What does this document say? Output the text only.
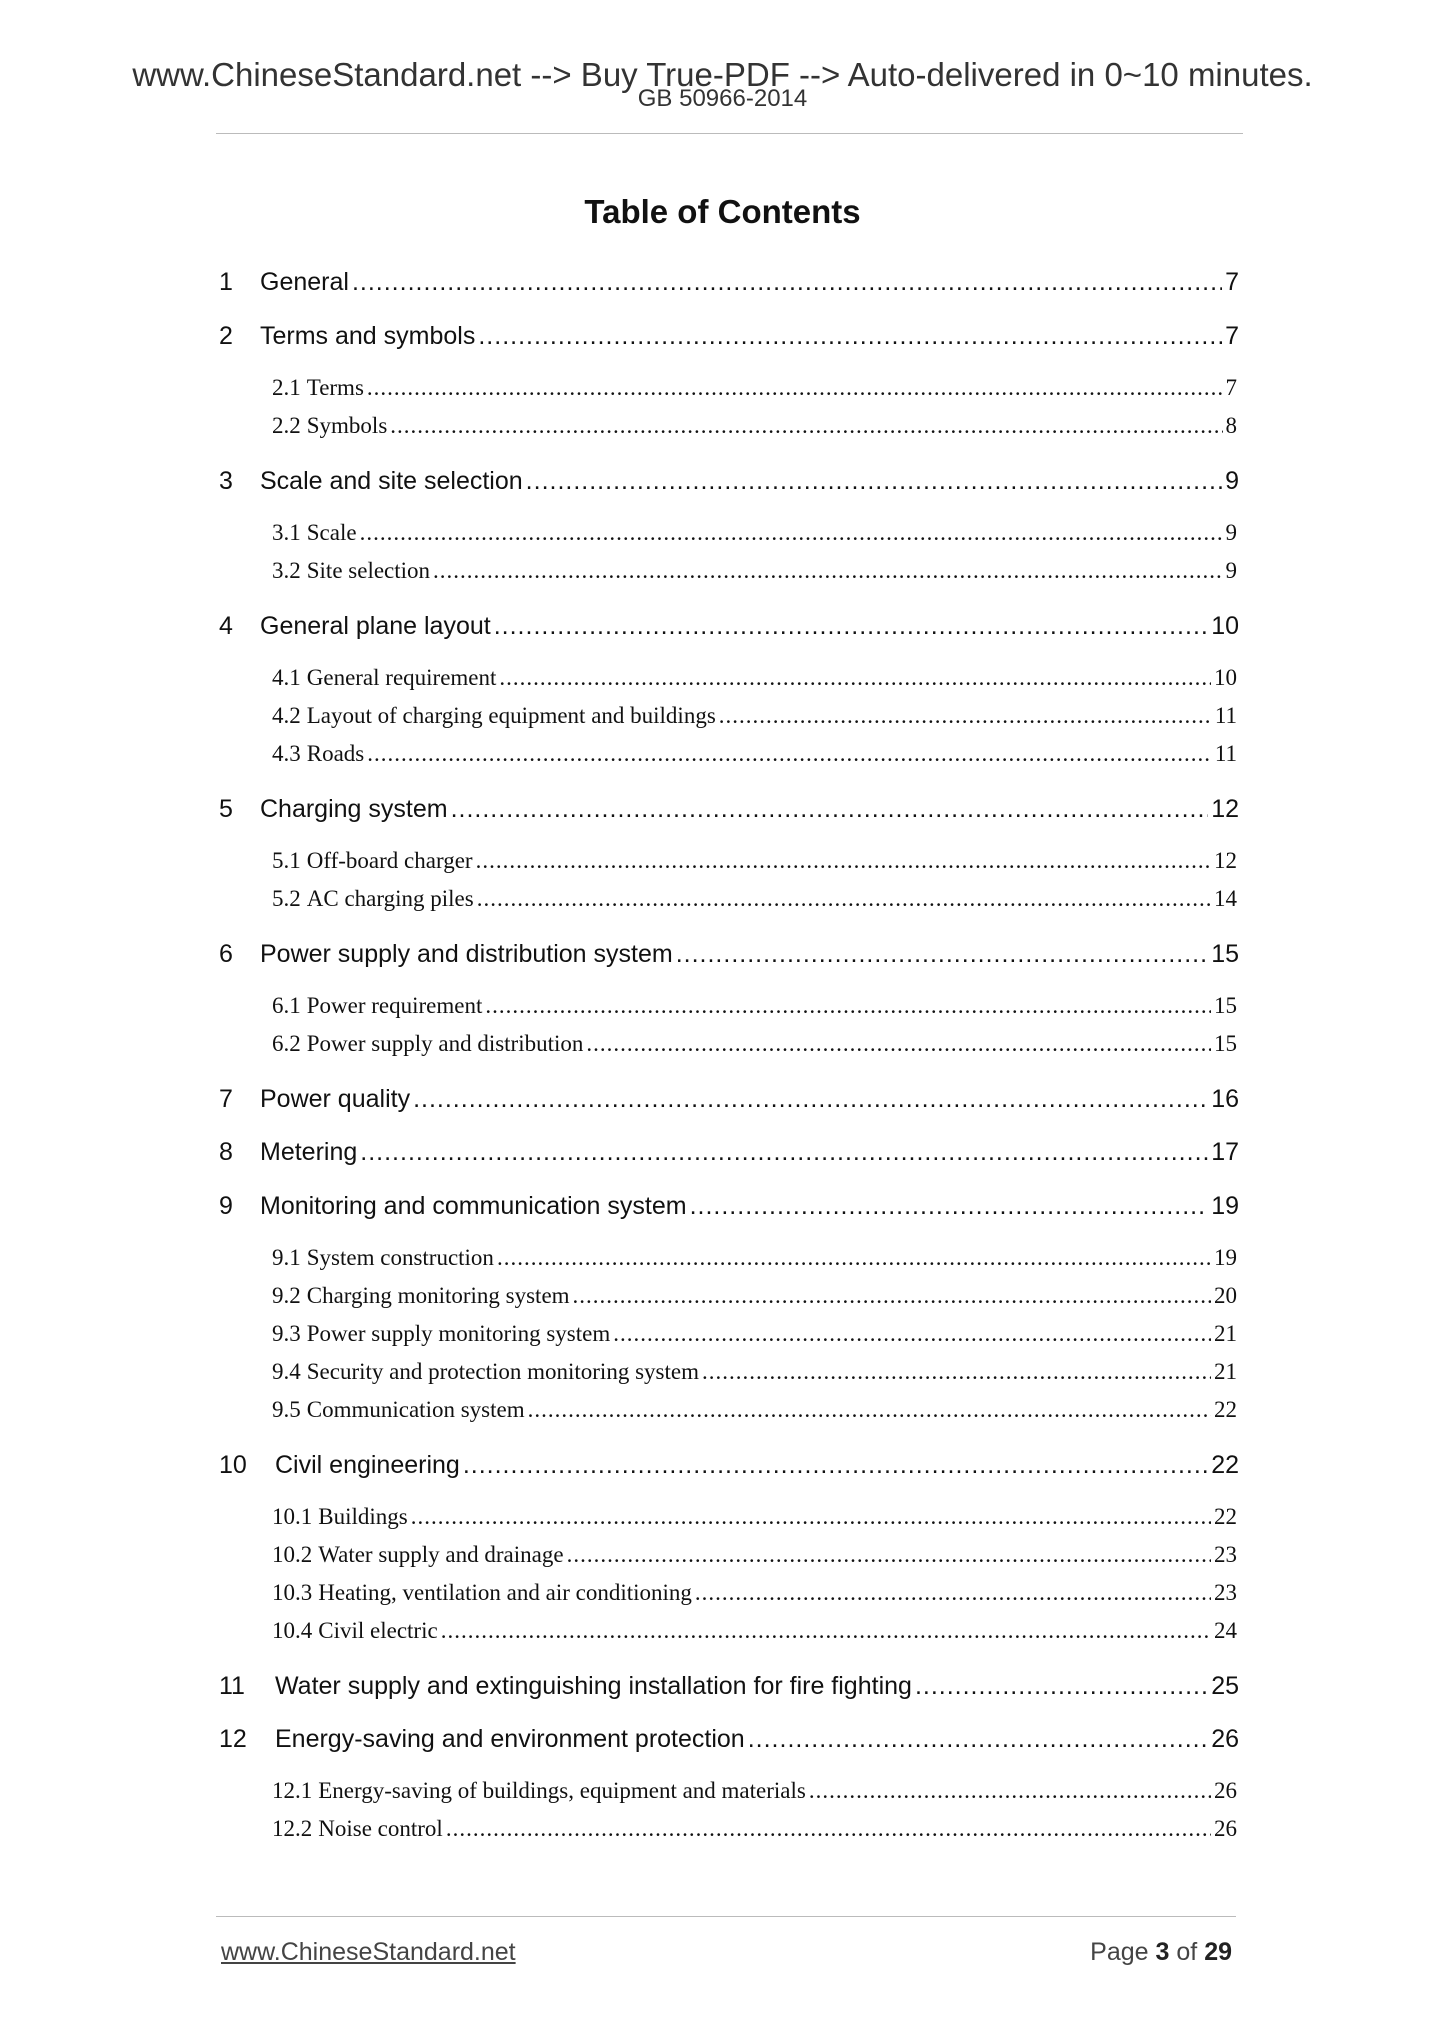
www.ChineseStandard.net --> Buy True-PDF --> Auto-delivered in 0~10 minutes.
GB 50966-2014
Table of Contents
1	General .....	7
2	Terms and symbols .....	7
2.1 Terms .....	7
2.2 Symbols .....	8
3	Scale and site selection .....	9
3.1 Scale .....	9
3.2 Site selection .....	9
4	General plane layout .....	10
4.1 General requirement .....	10
4.2 Layout of charging equipment and buildings .....	11
4.3 Roads .....	11
5	Charging system .....	12
5.1 Off-board charger .....	12
5.2 AC charging piles .....	14
6	Power supply and distribution system .....	15
6.1 Power requirement .....	15
6.2 Power supply and distribution .....	15
7	Power quality .....	16
8	Metering .....	17
9	Monitoring and communication system .....	19
9.1 System construction .....	19
9.2 Charging monitoring system .....	20
9.3 Power supply monitoring system .....	21
9.4 Security and protection monitoring system .....	21
9.5 Communication system .....	22
10	Civil engineering .....	22
10.1 Buildings .....	22
10.2 Water supply and drainage .....	23
10.3 Heating, ventilation and air conditioning .....	23
10.4 Civil electric .....	24
11	Water supply and extinguishing installation for fire fighting .....	25
12	Energy-saving and environment protection .....	26
12.1 Energy-saving of buildings, equipment and materials .....	26
12.2 Noise control .....	26
www.ChineseStandard.net	Page 3 of 29
